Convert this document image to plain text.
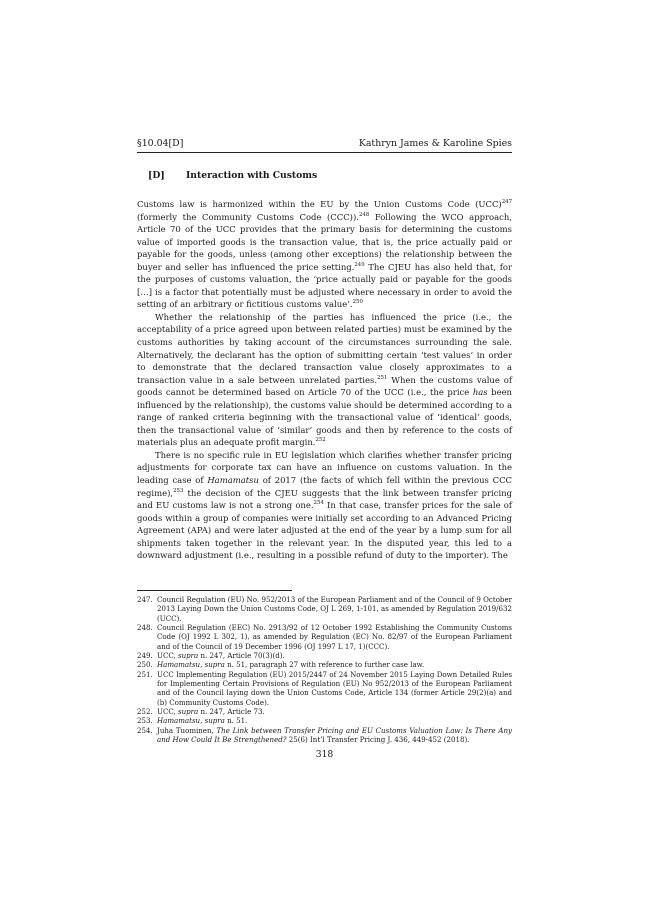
§10.04[D]	Kathryn James & Karoline Spies
[D] Interaction with Customs

Customs law is harmonized within the EU by the Union Customs Code (UCC)$^{247}$ (formerly the Community Customs Code (CCC)).$^{248}$ Following the WCO approach, Article 70 of the UCC provides that the primary basis for determining the customs value of imported goods is the transaction value, that is, the price actually paid or payable for the goods, unless (among other exceptions) the relationship between the buyer and seller has influenced the price setting.$^{249}$ The CJEU has also held that, for the purposes of customs valuation, the ‘price actually paid or payable for the goods […] is a factor that potentially must be adjusted where necessary in order to avoid the setting of an arbitrary or fictitious customs value’.$^{250}$

Whether the relationship of the parties has influenced the price (i.e., the acceptability of a price agreed upon between related parties) must be examined by the customs authorities by taking account of the circumstances surrounding the sale. Alternatively, the declarant has the option of submitting certain ‘test values’ in order to demonstrate that the declared transaction value closely approximates to a transaction value in a sale between unrelated parties.$^{251}$ When the customs value of goods cannot be determined based on Article 70 of the UCC (i.e., the price has been influenced by the relationship), the customs value should be determined according to a range of ranked criteria beginning with the transactional value of ‘identical’ goods, then the transactional value of ‘similar’ goods and then by reference to the costs of materials plus an adequate profit margin.$^{252}$

There is no specific rule in EU legislation which clarifies whether transfer pricing adjustments for corporate tax can have an influence on customs valuation. In the leading case of Hamamatsu of 2017 (the facts of which fell within the previous CCC regime),$^{253}$ the decision of the CJEU suggests that the link between transfer pricing and EU customs law is not a strong one.$^{254}$ In that case, transfer prices for the sale of goods within a group of companies were initially set according to an Advanced Pricing Agreement (APA) and were later adjusted at the end of the year by a lump sum for all shipments taken together in the relevant year. In the disputed year, this led to a downward adjustment (i.e., resulting in a possible refund of duty to the importer). The

247. Council Regulation (EU) No. 952/2013 of the European Parliament and of the Council of 9 October 2013 Laying Down the Union Customs Code, OJ L 269, 1-101, as amended by Regulation 2019/632 (UCC).
248. Council Regulation (EEC) No. 2913/92 of 12 October 1992 Establishing the Community Customs Code (OJ 1992 L 302, 1), as amended by Regulation (EC) No. 82/97 of the European Parliament and of the Council of 19 December 1996 (OJ 1997 L 17, 1)(CCC).
249. UCC, supra n. 247, Article 70(3)(d).
250. Hamamatsu, supra n. 51, paragraph 27 with reference to further case law.
251. UCC Implementing Regulation (EU) 2015/2447 of 24 November 2015 Laying Down Detailed Rules for Implementing Certain Provisions of Regulation (EU) No 952/2013 of the European Parliament and of the Council laying down the Union Customs Code, Article 134 (former Article 29(2)(a) and (b) Community Customs Code).
252. UCC, supra n. 247, Article 73.
253. Hamamatsu, supra n. 51.
254. Juha Tuominen, The Link between Transfer Pricing and EU Customs Valuation Law: Is There Any and How Could It Be Strengthened? 25(6) Int’l Transfer Pricing J. 436, 449-452 (2018).
318
